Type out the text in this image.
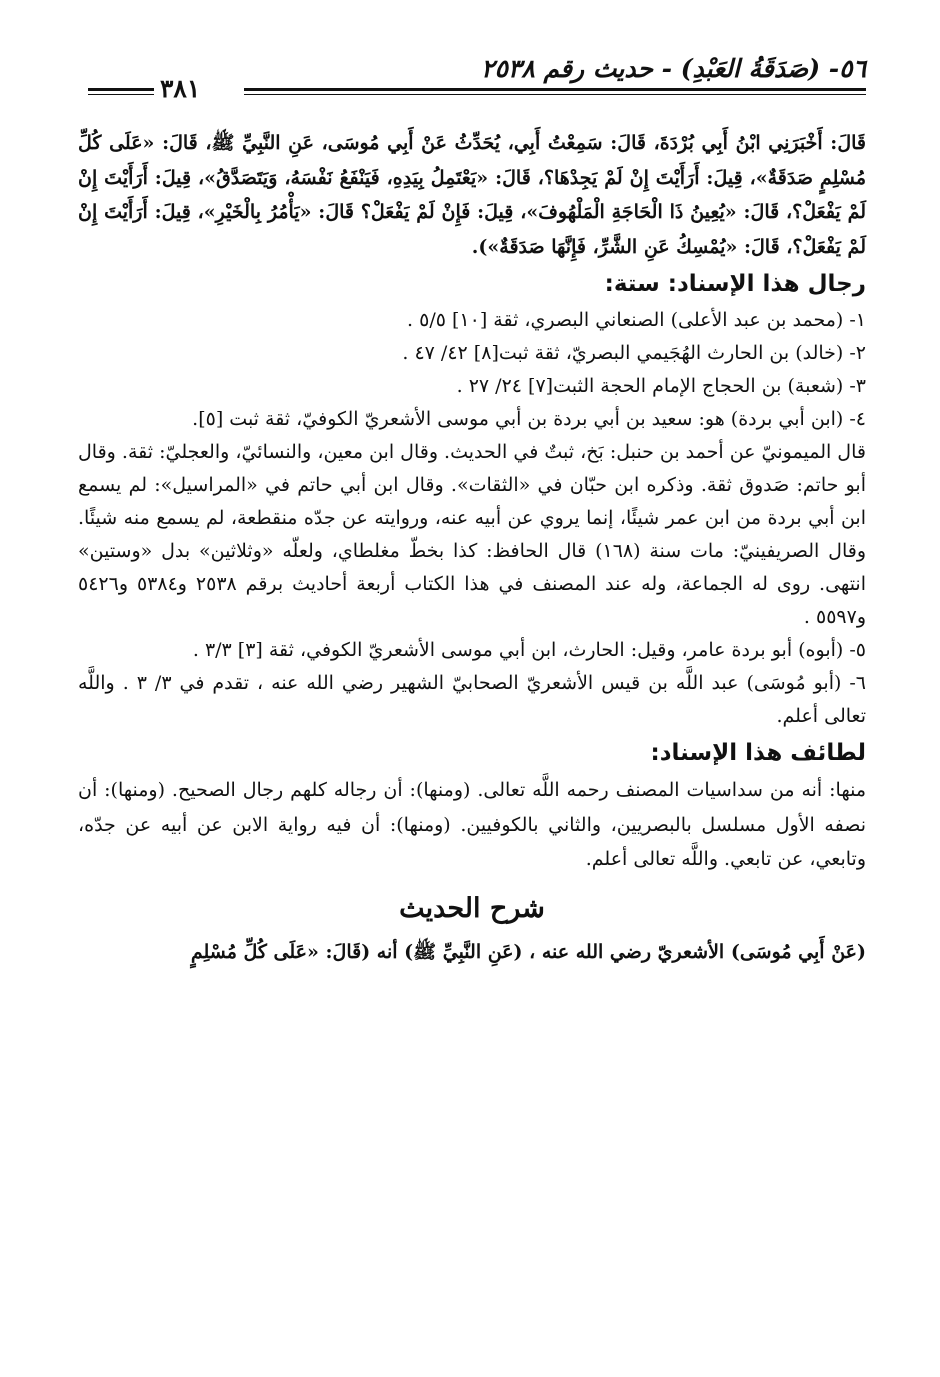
٥٦- (صَدَقَةُ العَبْدِ) - حديث رقم ٢٥٣٨
٣٨١

قَالَ: أَخْبَرَنِي ابْنُ أَبِي بُرْدَةَ، قَالَ: سَمِعْتُ أَبِي، يُحَدِّثُ عَنْ أَبِي مُوسَى، عَنِ النَّبِيِّ ﷺ، قَالَ: «عَلَى كُلِّ مُسْلِمٍ صَدَقَةٌ»، قِيلَ: أَرَأَيْتَ إِنْ لَمْ يَجِدْهَا؟، قَالَ: «يَعْتَمِلُ بِيَدِهِ، فَيَنْفَعُ نَفْسَهُ، وَيَتَصَدَّقُ»، قِيلَ: أَرَأَيْتَ إِنْ لَمْ يَفْعَلْ؟، قَالَ: «يُعِينُ ذَا الْحَاجَةِ الْمَلْهُوفَ»، قِيلَ: فَإِنْ لَمْ يَفْعَلْ؟ قَالَ: «يَأْمُرُ بِالْخَيْرِ»، قِيلَ: أَرَأَيْتَ إِنْ لَمْ يَفْعَلْ؟، قَالَ: «يُمْسِكُ عَنِ الشَّرِّ، فَإِنَّهَا صَدَقَةٌ»).

رجال هذا الإسناد: ستة:

١- (محمد بن عبد الأعلى) الصنعاني البصري، ثقة [١٠] ٥/٥ .

٢- (خالد) بن الحارث الهُجَيمي البصريّ، ثقة ثبت[٨] ٤٢/ ٤٧ .

٣- (شعبة) بن الحجاج الإمام الحجة الثبت[٧] ٢٤/ ٢٧ .

٤- (ابن أبي بردة) هو: سعيد بن أبي بردة بن أبي موسى الأشعريّ الكوفيّ، ثقة ثبت [٥].

قال الميمونيّ عن أحمد بن حنبل: بَخ، ثبتٌ في الحديث. وقال ابن معين، والنسائيّ، والعجليّ: ثقة. وقال أبو حاتم: صَدوق ثقة. وذكره ابن حبّان في «الثقات». وقال ابن أبي حاتم في «المراسيل»: لم يسمع ابن أبي بردة من ابن عمر شيئًا، إنما يروي عن أبيه عنه، وروايته عن جدّه منقطعة، لم يسمع منه شيئًا. وقال الصريفينيّ: مات سنة (١٦٨) قال الحافظ: كذا بخطّ مغلطاي، ولعلّه «وثلاثين» بدل «وستين» انتهى. روى له الجماعة، وله عند المصنف في هذا الكتاب أربعة أحاديث برقم ٢٥٣٨ و٥٣٨٤ و٥٤٢٦ و٥٥٩٧ .

٥- (أبوه) أبو بردة عامر، وقيل: الحارث، ابن أبي موسى الأشعريّ الكوفي، ثقة [٣] ٣/٣ .

٦- (أبو مُوسَى) عبد اللَّه بن قيس الأشعريّ الصحابيّ الشهير رضي الله عنه ، تقدم في ٣/ ٣ . واللَّه تعالى أعلم.

لطائف هذا الإسناد:

منها: أنه من سداسيات المصنف رحمه اللَّه تعالى. (ومنها): أن رجاله كلهم رجال الصحيح. (ومنها): أن نصفه الأول مسلسل بالبصريين، والثاني بالكوفيين. (ومنها): أن فيه رواية الابن عن أبيه عن جدّه، وتابعي، عن تابعي. واللَّه تعالى أعلم.

شرح الحديث

(عَنْ أَبِي مُوسَى) الأشعريّ رضي الله عنه ، (عَنِ النَّبِيِّ ﷺ) أنه (قَالَ: «عَلَى كُلِّ مُسْلِمٍ
